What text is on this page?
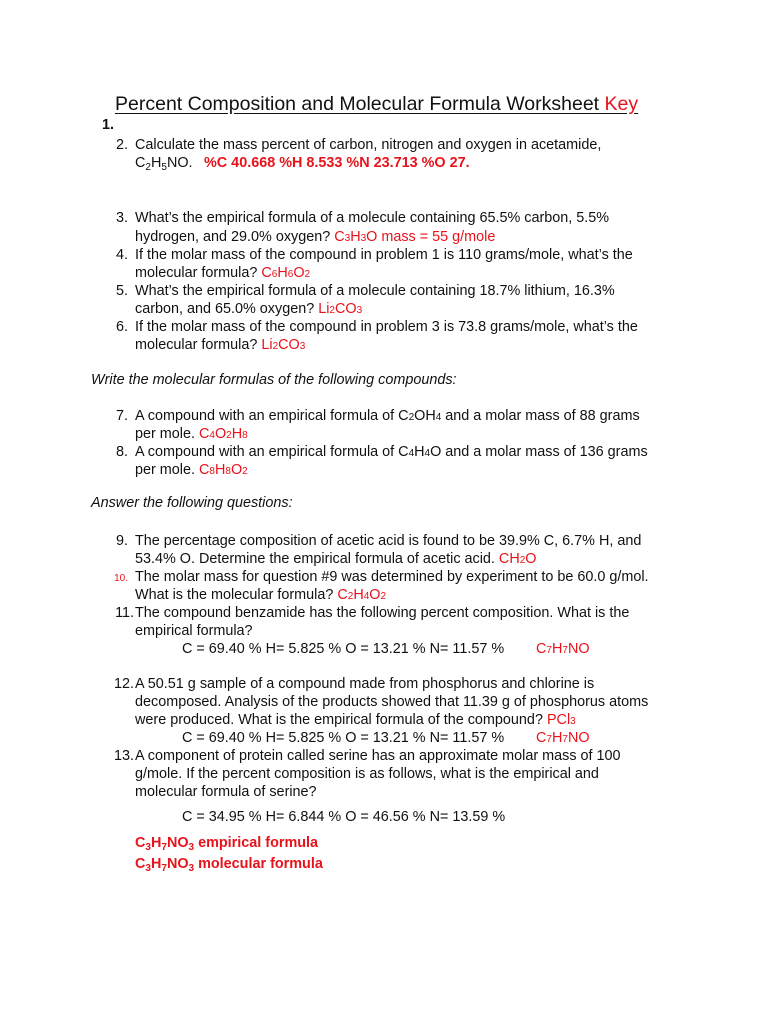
Percent Composition and Molecular Formula Worksheet Key
1.
2. Calculate the mass percent of carbon, nitrogen and oxygen in acetamide,
$C_2H_5NO$. %C 40.668 %H 8.533 %N 23.713 %O 27.
3. What’s the empirical formula of a molecule containing 65.5% carbon, 5.5%
hydrogen, and 29.0% oxygen? C3H3O mass = 55 g/mole
4. If the molar mass of the compound in problem 1 is 110 grams/mole, what’s the
molecular formula? C6H6O2
5. What’s the empirical formula of a molecule containing 18.7% lithium, 16.3%
carbon, and 65.0% oxygen? Li2CO3
6. If the molar mass of the compound in problem 3 is 73.8 grams/mole, what’s the
molecular formula? Li2CO3
Write the molecular formulas of the following compounds:
7. A compound with an empirical formula of C2OH4 and a molar mass of 88 grams
per mole. C4O2H8
8. A compound with an empirical formula of C4H4O and a molar mass of 136 grams
per mole. C8H8O2
Answer the following questions:
9. The percentage composition of acetic acid is found to be 39.9% C, 6.7% H, and
53.4% O. Determine the empirical formula of acetic acid. CH2O
10. The molar mass for question #9 was determined by experiment to be 60.0 g/mol.
What is the molecular formula? C2H4O2
11. The compound benzamide has the following percent composition. What is the
empirical formula?
C = 69.40 % H= 5.825 % O = 13.21 % N= 11.57 % C7H7NO
12. A 50.51 g sample of a compound made from phosphorus and chlorine is
decomposed. Analysis of the products showed that 11.39 g of phosphorus atoms
were produced. What is the empirical formula of the compound? PCl3
C = 69.40 % H= 5.825 % O = 13.21 % N= 11.57 % C7H7NO
13. A component of protein called serine has an approximate molar mass of 100
g/mole. If the percent composition is as follows, what is the empirical and
molecular formula of serine?
C = 34.95 % H= 6.844 % O = 46.56 % N= 13.59 %
$C_3H_7NO_3$ empirical formula
$C_3H_7NO_3$ molecular formula
